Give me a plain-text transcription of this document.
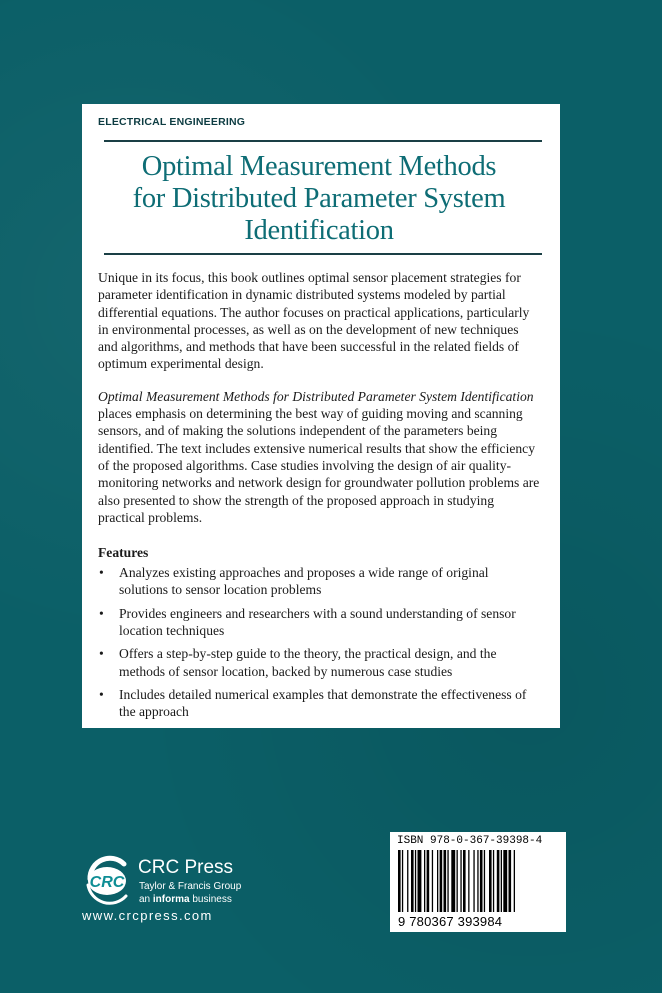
ELECTRICAL ENGINEERING
Optimal Measurement Methods
for Distributed Parameter System
Identification

Unique in its focus, this book outlines optimal sensor placement strategies for parameter identification in dynamic distributed systems modeled by partial differential equations. The author focuses on practical applications, particularly in environmental processes, as well as on the development of new techniques and algorithms, and methods that have been successful in the related fields of optimum experimental design.

Optimal Measurement Methods for Distributed Parameter System Identification places emphasis on determining the best way of guiding moving and scanning sensors, and of making the solutions independent of the parameters being identified. The text includes extensive numerical results that show the efficiency of the proposed algorithms. Case studies involving the design of air quality-monitoring networks and network design for groundwater pollution problems are also presented to show the strength of the proposed approach in studying practical problems.

Features
• Analyzes existing approaches and proposes a wide range of original solutions to sensor location problems
• Provides engineers and researchers with a sound understanding of sensor location techniques
• Offers a step-by-step guide to the theory, the practical design, and the methods of sensor location, backed by numerous case studies
• Includes detailed numerical examples that demonstrate the effectiveness of the approach
CRC
CRC Press
Taylor & Francis Group
an informa business
www.crcpress.com
ISBN 978-0-367-39398-4
9 780367 393984
